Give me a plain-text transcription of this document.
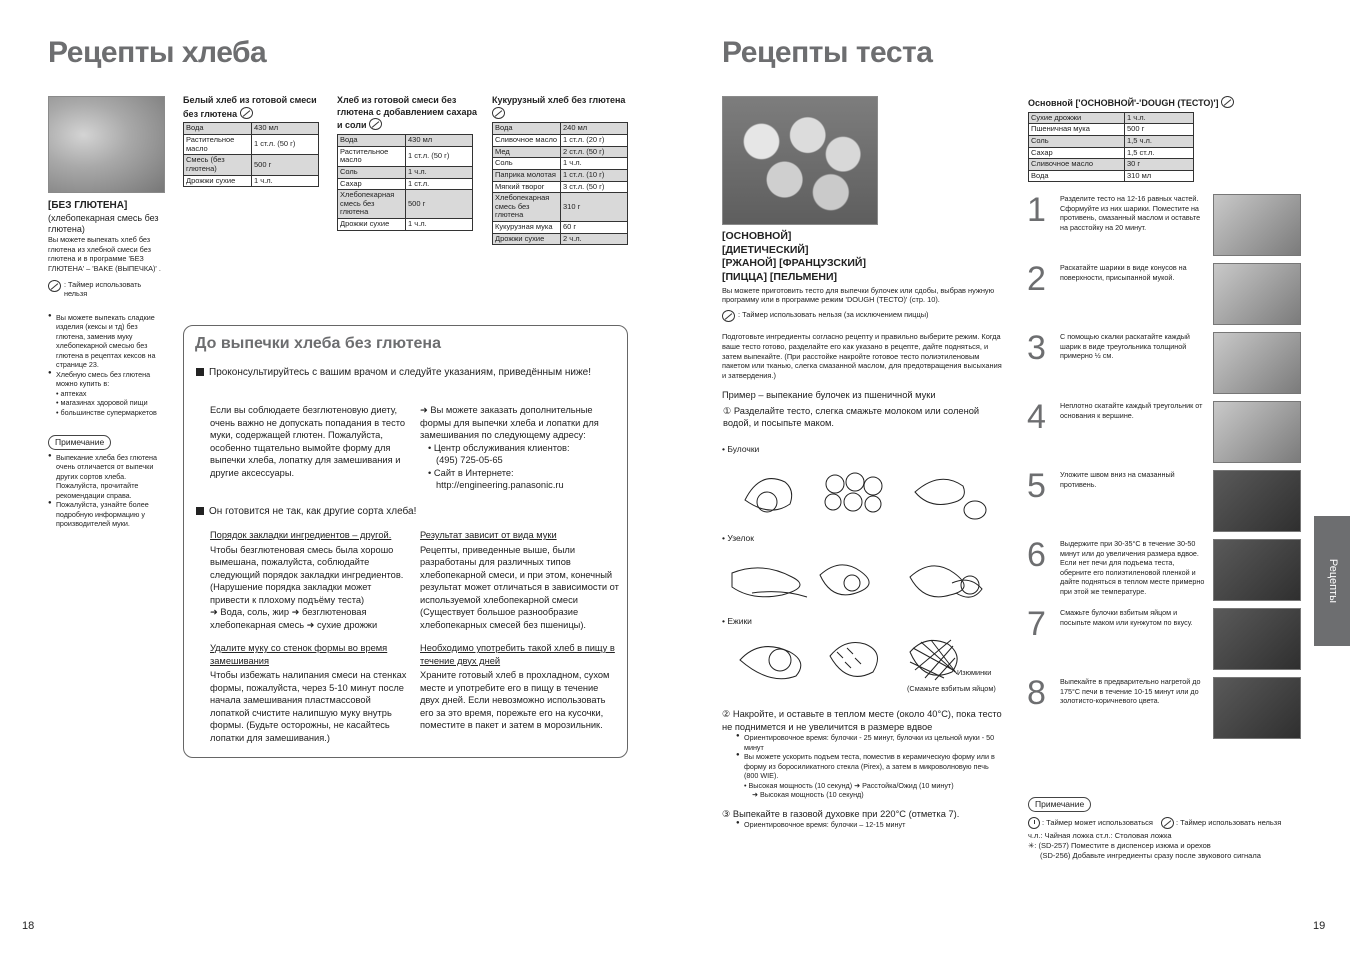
Рецепты хлеба
[БЕЗ ГЛЮТЕНА]
(хлебопекарная смесь без глютена)
Вы можете выпекать хлеб без глютена из хлебной смеси без глютена и в программе 'БЕЗ ГЛЮТЕНА' – 'BAKE (ВЫПЕЧКА)' .
: Таймер использовать нельзя
● Вы можете выпекать сладкие изделия (кексы и тд) без глютена, заменив муку хлебопекарной смесью без глютена в рецептах кексов на странице 23.
● Хлебную смесь без глютена можно купить в:
• аптеках
• магазинах здоровой пищи
• большинстве супермаркетов
Примечание
● Выпекание хлеба без глютена очень отличается от выпечки других сортов хлеба. Пожалуйста, прочитайте рекомендации справа.
● Пожалуйста, узнайте более подробную информацию у производителей муки.
Белый хлеб из готовой смеси без глютена
Вода	430 мл
Растительное масло	1 ст.л. (50 г)
Смесь (без глютена)	500 г
Дрожжи сухие	1 ч.л.
Хлеб из готовой смеси без глютена с добавлением сахара и соли
Вода	430 мл
Растительное масло	1 ст.л. (50 г)
Соль	1 ч.л.
Сахар	1 ст.л.
Хлебопекарная смесь без глютена	500 г
Дрожжи сухие	1 ч.л.
Кукурузный хлеб без глютена

Вода	240 мл
Сливочное масло	1 ст.л. (20 г)
Мед	2 ст.л. (50 г)
Соль	1 ч.л.
Паприка молотая	1 ст.л. (10 г)
Мягкий творог	3 ст.л. (50 г)
Хлебопекарная смесь без глютена	310 г
Кукурузная мука	60 г
Дрожжи сухие	2 ч.л.
До выпечки хлеба без глютена
Проконсультируйтесь с вашим врачом и следуйте указаниям, приведённым ниже!
Если вы соблюдаете безглютеновую диету, очень важно не допускать попадания в тесто муки, содержащей глютен. Пожалуйста, особенно тщательно вымойте форму для выпечки хлеба, лопатку для замешивания и другие аксессуары.
➜ Вы можете заказать дополнительные формы для выпечки хлеба и лопатки для замешивания по следующему адресу:
• Центр обслуживания клиентов:
(495) 725-05-65
• Сайт в Интернете:
http://engineering.panasonic.ru
Он готовится не так, как другие сорта хлеба!
Порядок закладки ингредиентов – другой.
Чтобы безглютеновая смесь была хорошо вымешана, пожалуйста, соблюдайте следующий порядок закладки ингредиентов. (Нарушение порядка закладки может привести к плохому подъёму теста)
➜ Вода, соль, жир ➜ безглютеновая хлебопекарная смесь ➜ сухие дрожжи
Результат зависит от вида муки
Рецепты, приведенные выше, были разработаны для различных типов хлебопекарной смеси, и при этом, конечный результат может отличаться в зависимости от используемой хлебопекарной смеси (Существует большое разнообразие хлебопекарных смесей без пшеницы).
Удалите муку со стенок формы во время замешивания
Чтобы избежать налипания смеси на стенках формы, пожалуйста, через 5-10 минут после начала замешивания пластмассовой лопаткой счистите налипшую муку внутрь формы. (Будьте осторожны, не касайтесь лопатки для замешивания.)
Необходимо употребить такой хлеб в пищу в течение двух дней
Храните готовый хлеб в прохладном, сухом месте и употребите его в пищу в течение двух дней. Если невозможно использовать его за это время, порежьте его на кусочки, поместите в пакет и затем в морозильник.
18
Рецепты теста
[ОСНОВНОЙ]
[ДИЕТИЧЕСКИЙ]
[РЖАНОЙ] [ФРАНЦУЗСКИЙ]
[ПИЦЦА] [ПЕЛЬМЕНИ]
Вы можете приготовить тесто для выпечки булочек или сдобы, выбрав нужную программу или в программе режим 'DOUGH (ТЕСТО)' (стр. 10).
: Таймер использовать нельзя (за исключением пиццы)
Подготовьте ингредиенты согласно рецепту и правильно выберите режим. Когда ваше тесто готово, разделайте его как указано в рецепте, дайте подняться, и затем выпекайте. (При расстойке накройте готовое тесто полиэтиленовым пакетом или тканью, слегка смазанной маслом, для предотвращения высыхания и затвердения.)
Пример – выпекание булочек из пшеничной муки
① Разделайте тесто, слегка смажьте молоком или соленой водой, и посыпьте маком.
• Булочки
• Узелок
• Ежики
Изюминки
(Смажьте взбитым яйцом)
② Накройте, и оставьте в теплом месте (около 40°C), пока тесто не поднимется и не увеличится в размере вдвое
● Ориентировочное время: булочки - 25 минут, булочки из цельной муки - 50 минут
● Вы можете ускорить подъем теста, поместив в керамическую форму или в форму из боросиликатного стекла (Pirex), а затем в микроволновую печь (800 WIE).
• Высокая мощность (10 секунд) ➜ Расстойка/Ожид (10 минут)
➜ Высокая мощность (10 секунд)
③ Выпекайте в газовой духовке при 220°C (отметка 7).
● Ориентировочное время: булочки – 12-15 минут
Основной ['ОСНОВНОЙ'-'DOUGH (ТЕСТО)']
Сухие дрожжи	1 ч.л.
Пшеничная мука	500 г
Соль	1,5 ч.л.
Сахар	1,5 ст.л.
Сливочное масло	30 г
Вода	310 мл
1 Разделите тесто на 12-16 равных частей. Сформуйте из них шарики. Поместите на противень, смазанный маслом и оставьте на расстойку на 20 минут.
2 Раскатайте шарики в виде конусов на поверхности, присыпанной мукой.
3 С помощью скалки раскатайте каждый шарик в виде треугольника толщиной примерно ½ см.
4 Неплотно скатайте каждый треугольник от основания к вершине.
5 Уложите швом вниз на смазанный противень.
6 Выдержите при 30-35°C в течение 30-50 минут или до увеличения размера вдвое. Если нет печи для подъема теста, оберните его полиэтиленовой пленкой и дайте подняться в теплом месте примерно при этой же температуре.
7 Смажьте булочки взбитым яйцом и посыпьте маком или кунжутом по вкусу.
8 Выпекайте в предварительно нагретой до 175°C печи в течение 10-15 минут или до золотисто-коричневого цвета.
Рецепты
Примечание
: Таймер может использоваться	: Таймер использовать нельзя
ч.л.: Чайная ложка ст.л.: Столовая ложка
✳: (SD-257) Поместите в диспенсер изюма и орехов
(SD-256) Добавьте ингредиенты сразу после звукового сигнала
19
